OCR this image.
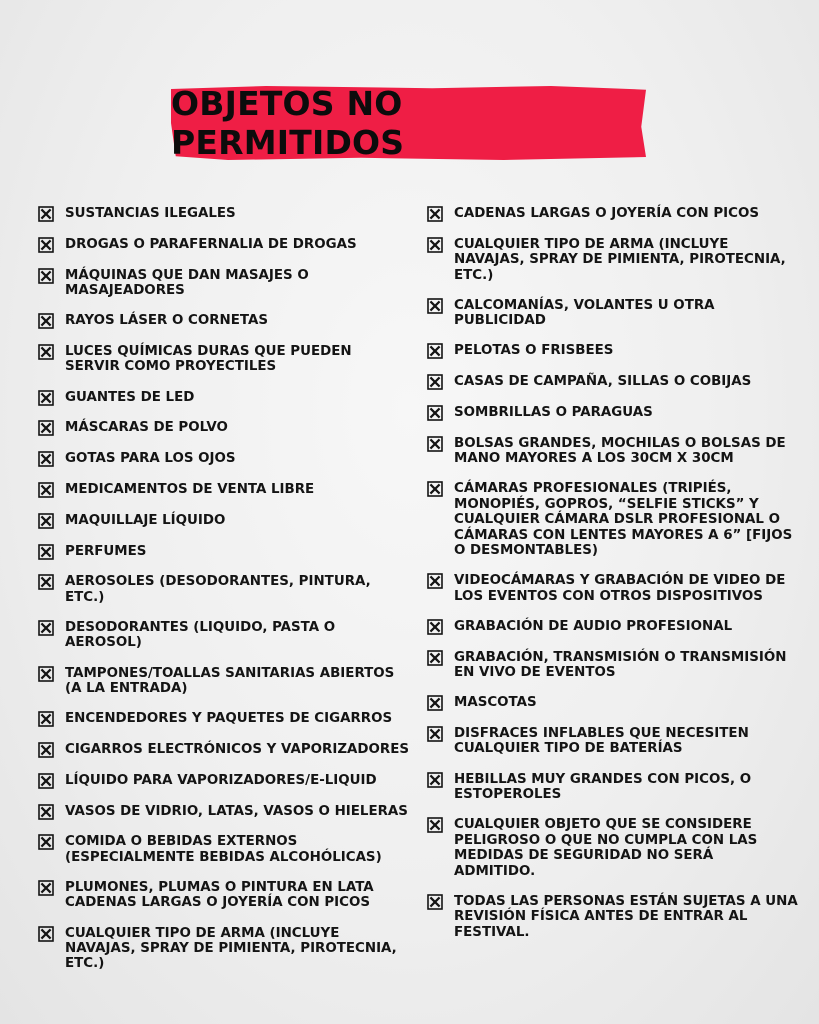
OBJETOS NO PERMITIDOS
SUSTANCIAS ILEGALES
DROGAS O PARAFERNALIA DE DROGAS
MÁQUINAS QUE DAN MASAJES O MASAJEADORES
RAYOS LÁSER O CORNETAS
LUCES QUÍMICAS DURAS QUE PUEDEN SERVIR COMO PROYECTILES
GUANTES DE LED
MÁSCARAS DE POLVO
GOTAS PARA LOS OJOS
MEDICAMENTOS DE VENTA LIBRE
MAQUILLAJE LÍQUIDO
PERFUMES
AEROSOLES (DESODORANTES, PINTURA, ETC.)
DESODORANTES (LIQUIDO, PASTA O AEROSOL)
TAMPONES/TOALLAS SANITARIAS ABIERTOS (A LA ENTRADA)
ENCENDEDORES Y PAQUETES DE CIGARROS
CIGARROS ELECTRÓNICOS Y VAPORIZADORES
LÍQUIDO PARA VAPORIZADORES/E-LIQUID
VASOS DE VIDRIO, LATAS, VASOS O HIELERAS
COMIDA O BEBIDAS EXTERNOS (ESPECIALMENTE BEBIDAS ALCOHÓLICAS)
PLUMONES, PLUMAS O PINTURA EN LATA CADENAS LARGAS O JOYERÍA CON PICOS
CUALQUIER TIPO DE ARMA (INCLUYE NAVAJAS, SPRAY DE PIMIENTA, PIROTECNIA, ETC.)
CADENAS LARGAS O JOYERÍA CON PICOS
CUALQUIER TIPO DE ARMA (INCLUYE NAVAJAS, SPRAY DE PIMIENTA, PIROTECNIA, ETC.)
CALCOMANÍAS, VOLANTES U OTRA PUBLICIDAD
PELOTAS O FRISBEES
CASAS DE CAMPAÑA, SILLAS O COBIJAS
SOMBRILLAS O PARAGUAS
BOLSAS GRANDES, MOCHILAS O BOLSAS DE MANO MAYORES A LOS 30CM X 30CM
CÁMARAS PROFESIONALES (TRIPIÉS, MONOPIÉS, GOPROS, “SELFIE STICKS” Y CUALQUIER CÁMARA DSLR PROFESIONAL O CÁMARAS CON LENTES MAYORES A 6” [FIJOS O DESMONTABLES)
VIDEOCÁMARAS Y GRABACIÓN DE VIDEO DE LOS EVENTOS CON OTROS DISPOSITIVOS
GRABACIÓN DE AUDIO PROFESIONAL
GRABACIÓN, TRANSMISIÓN O TRANSMISIÓN EN VIVO DE EVENTOS
MASCOTAS
DISFRACES INFLABLES QUE NECESITEN CUALQUIER TIPO DE BATERÍAS
HEBILLAS MUY GRANDES CON PICOS, O ESTOPEROLES
CUALQUIER OBJETO QUE SE CONSIDERE PELIGROSO O QUE NO CUMPLA CON LAS MEDIDAS DE SEGURIDAD NO SERÁ ADMITIDO.
TODAS LAS PERSONAS ESTÁN SUJETAS A UNA REVISIÓN FÍSICA ANTES DE ENTRAR AL FESTIVAL.
